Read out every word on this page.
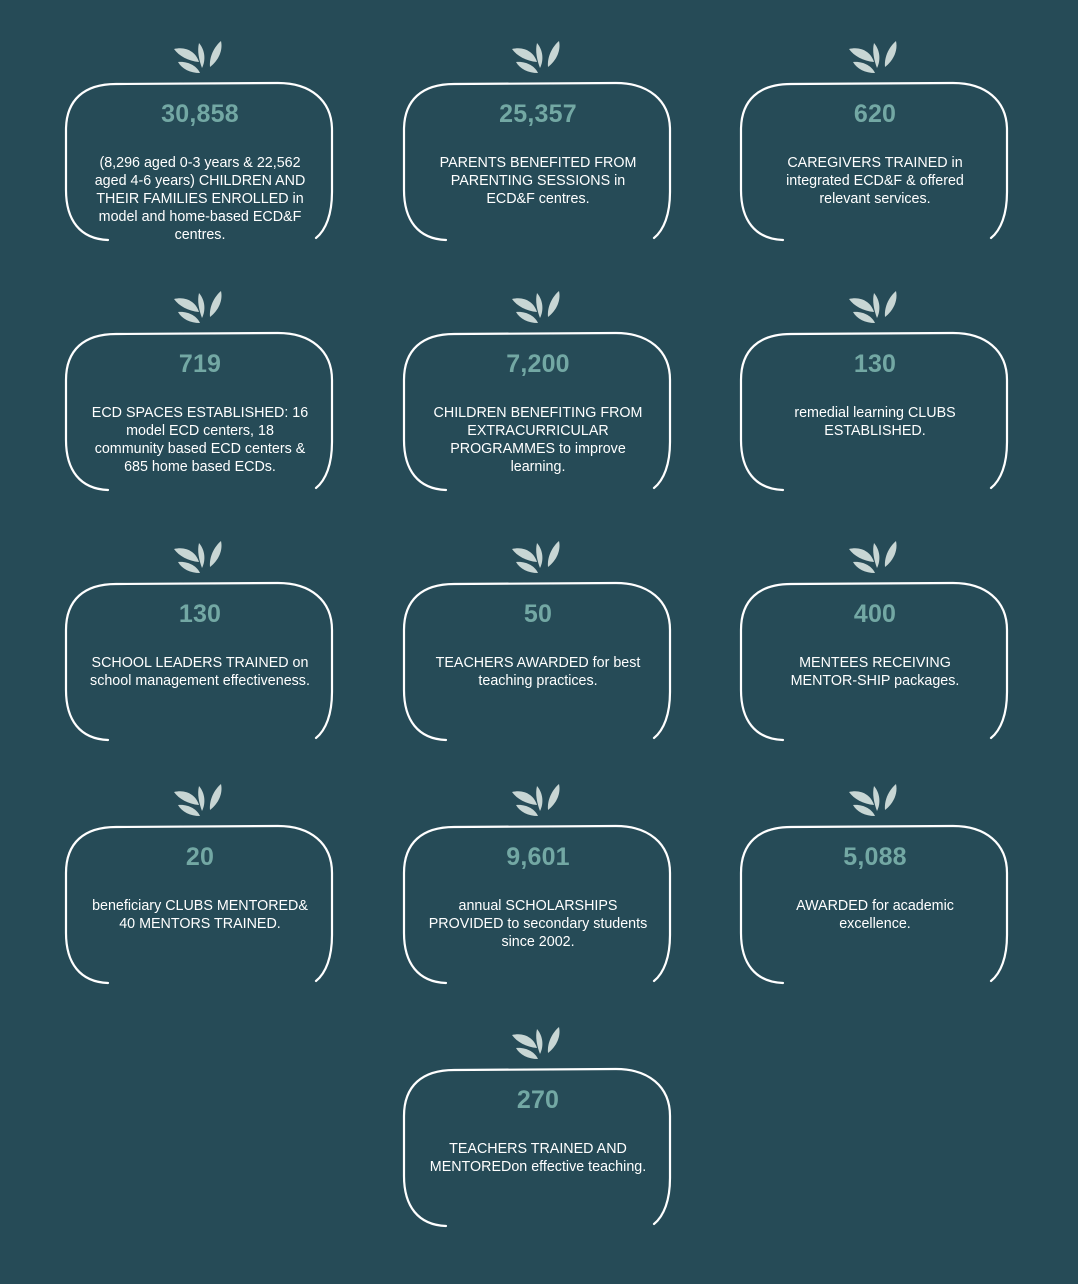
30,858
(8,296 aged 0-3 years & 22,562 aged 4-6 years) CHILDREN AND THEIR FAMILIES ENROLLED in model and home-based ECD&F centres.
25,357
PARENTS BENEFITED FROM PARENTING SESSIONS in ECD&F centres.
620
CAREGIVERS TRAINED in integrated ECD&F & offered relevant services.
719
ECD SPACES ESTABLISHED: 16 model ECD centers, 18 community based ECD centers & 685 home based ECDs.
7,200
CHILDREN BENEFITING FROM EXTRACURRICULAR PROGRAMMES to improve learning.
130
remedial learning CLUBS ESTABLISHED.
130
SCHOOL LEADERS TRAINED on school management effectiveness.
50
TEACHERS AWARDED for best teaching practices.
400
MENTEES RECEIVING MENTOR-SHIP packages.
20
beneficiary CLUBS MENTORED& 40 MENTORS TRAINED.
9,601
annual SCHOLARSHIPS PROVIDED to secondary students since 2002.
5,088
AWARDED for academic excellence.
270
TEACHERS TRAINED AND MENTOREDon effective teaching.
